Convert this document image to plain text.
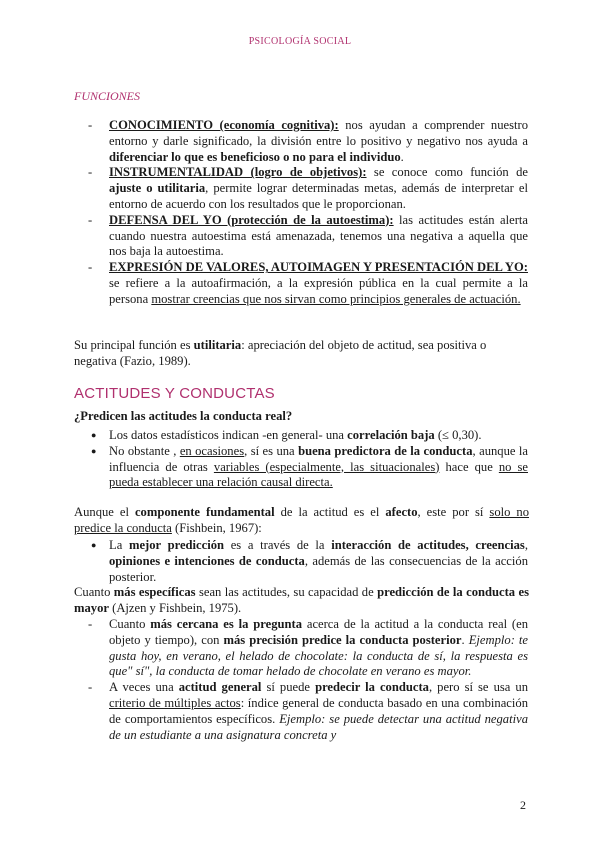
PSICOLOGÍA SOCIAL
FUNCIONES

- CONOCIMIENTO (economía cognitiva): nos ayudan a comprender nuestro entorno y darle significado, la división entre lo positivo y negativo nos ayuda a diferenciar lo que es beneficioso o no para el individuo.

- INSTRUMENTALIDAD (logro de objetivos): se conoce como función de ajuste o utilitaria, permite lograr determinadas metas, además de interpretar el entorno de acuerdo con los resultados que le proporcionan.

- DEFENSA DEL YO (protección de la autoestima): las actitudes están alerta cuando nuestra autoestima está amenazada, tenemos una negativa a aquella que nos baja la autoestima.

- EXPRESIÓN DE VALORES, AUTOIMAGEN Y PRESENTACIÓN DEL YO: se refiere a la autoafirmación, a la expresión pública en la cual permite a la persona mostrar creencias que nos sirvan como principios generales de actuación.

Su principal función es utilitaria: apreciación del objeto de actitud, sea positiva o negativa (Fazio, 1989).

ACTITUDES Y CONDUCTAS
¿Predicen las actitudes la conducta real?
● Los datos estadísticos indican -en general- una correlación baja (≤ 0,30).
● No obstante , en ocasiones, sí es una buena predictora de la conducta, aunque la influencia de otras variables (especialmente, las situacionales) hace que no se pueda establecer una relación causal directa.

Aunque el componente fundamental de la actitud es el afecto, este por sí solo no predice la conducta (Fishbein, 1967):

● La mejor predicción es a través de la interacción de actitudes, creencias, opiniones e intenciones de conducta, además de las consecuencias de la acción posterior.

Cuanto más específicas sean las actitudes, su capacidad de predicción de la conducta es mayor (Ajzen y Fishbein, 1975).

- Cuanto más cercana es la pregunta acerca de la actitud a la conducta real (en objeto y tiempo), con más precisión predice la conducta posterior. Ejemplo: te gusta hoy, en verano, el helado de chocolate: la conducta de sí, la respuesta es que" sí", la conducta de tomar helado de chocolate en verano es mayor.
- A veces una actitud general sí puede predecir la conducta, pero sí se usa un criterio de múltiples actos: índice general de conducta basado en una combinación de comportamientos específicos. Ejemplo: se puede detectar una actitud negativa de un estudiante a una asignatura concreta y
2
